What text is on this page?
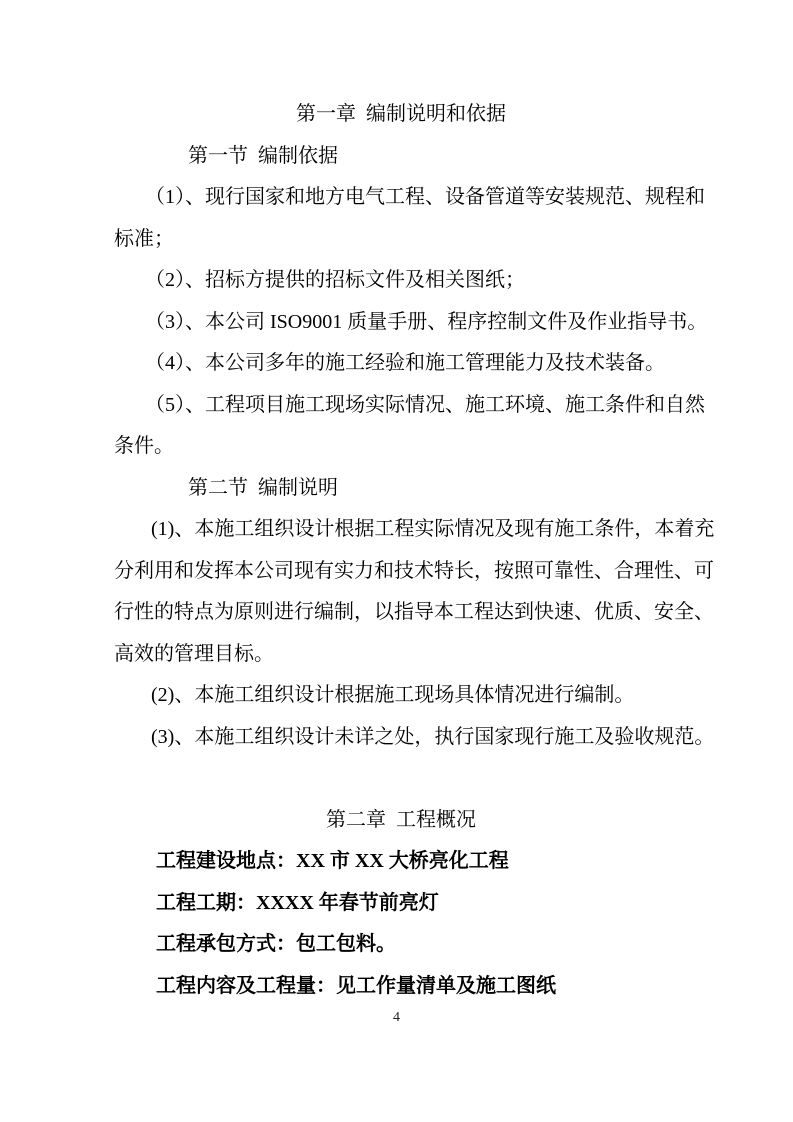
第一章  编制说明和依据
第一节  编制依据
（1）、现行国家和地方电气工程、设备管道等安装规范、规程和
标准；
（2）、招标方提供的招标文件及相关图纸；
（3）、本公司 ISO9001 质量手册、程序控制文件及作业指导书。
（4）、本公司多年的施工经验和施工管理能力及技术装备。
（5）、工程项目施工现场实际情况、施工环境、施工条件和自然
条件。
第二节  编制说明
(1)、本施工组织设计根据工程实际情况及现有施工条件，本着充
分利用和发挥本公司现有实力和技术特长，按照可靠性、合理性、可
行性的特点为原则进行编制，以指导本工程达到快速、优质、安全、
高效的管理目标。
(2)、本施工组织设计根据施工现场具体情况进行编制。
(3)、本施工组织设计未详之处，执行国家现行施工及验收规范。
第二章  工程概况
工程建设地点：XX 市 XX 大桥亮化工程
工程工期：XXXX 年春节前亮灯
工程承包方式：包工包料。
工程内容及工程量：见工作量清单及施工图纸
4
